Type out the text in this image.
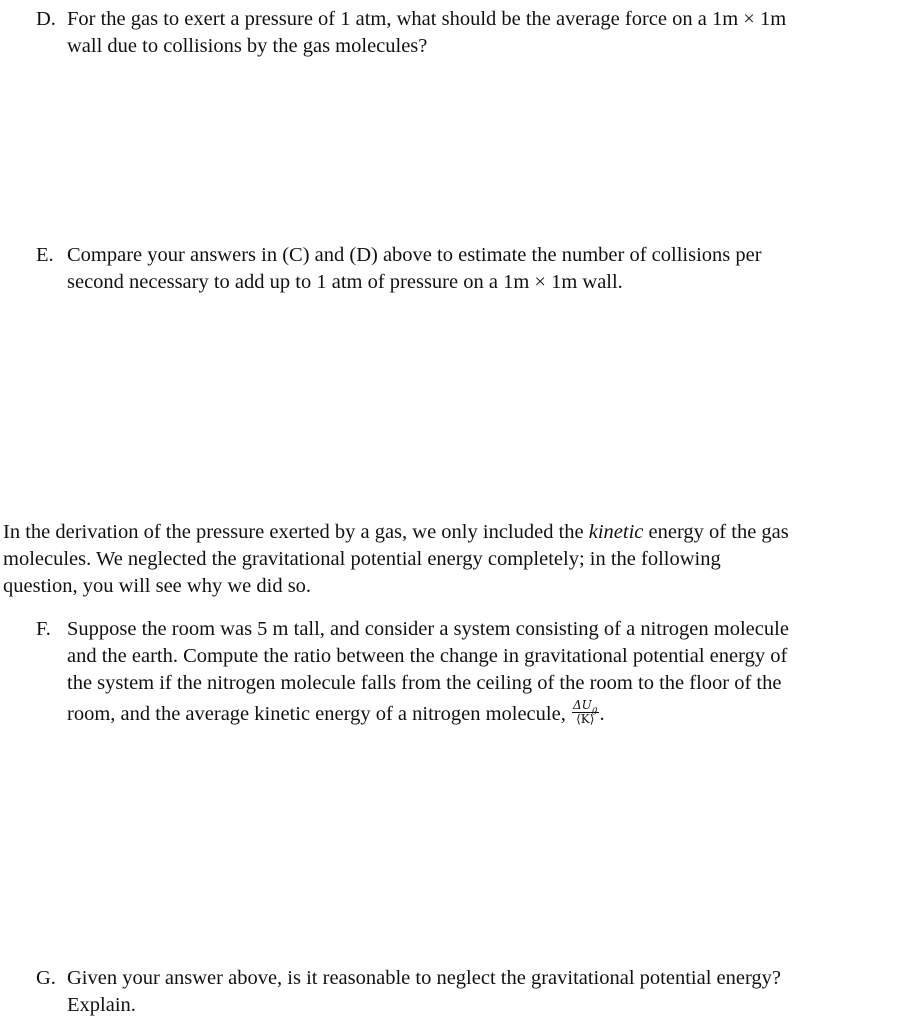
D. For the gas to exert a pressure of 1 atm, what should be the average force on a 1m × 1m
wall due to collisions by the gas molecules?
E. Compare your answers in (C) and (D) above to estimate the number of collisions per
second necessary to add up to 1 atm of pressure on a 1m × 1m wall.
In the derivation of the pressure exerted by a gas, we only included the kinetic energy of the gas
molecules. We neglected the gravitational potential energy completely; in the following
question, you will see why we did so.
F. Suppose the room was 5 m tall, and consider a system consisting of a nitrogen molecule
and the earth. Compute the ratio between the change in gravitational potential energy of
the system if the nitrogen molecule falls from the ceiling of the room to the floor of the
room, and the average kinetic energy of a nitrogen molecule, $\frac{\Delta U_g}{⟨K⟩}$ .
G. Given your answer above, is it reasonable to neglect the gravitational potential energy?
Explain.
